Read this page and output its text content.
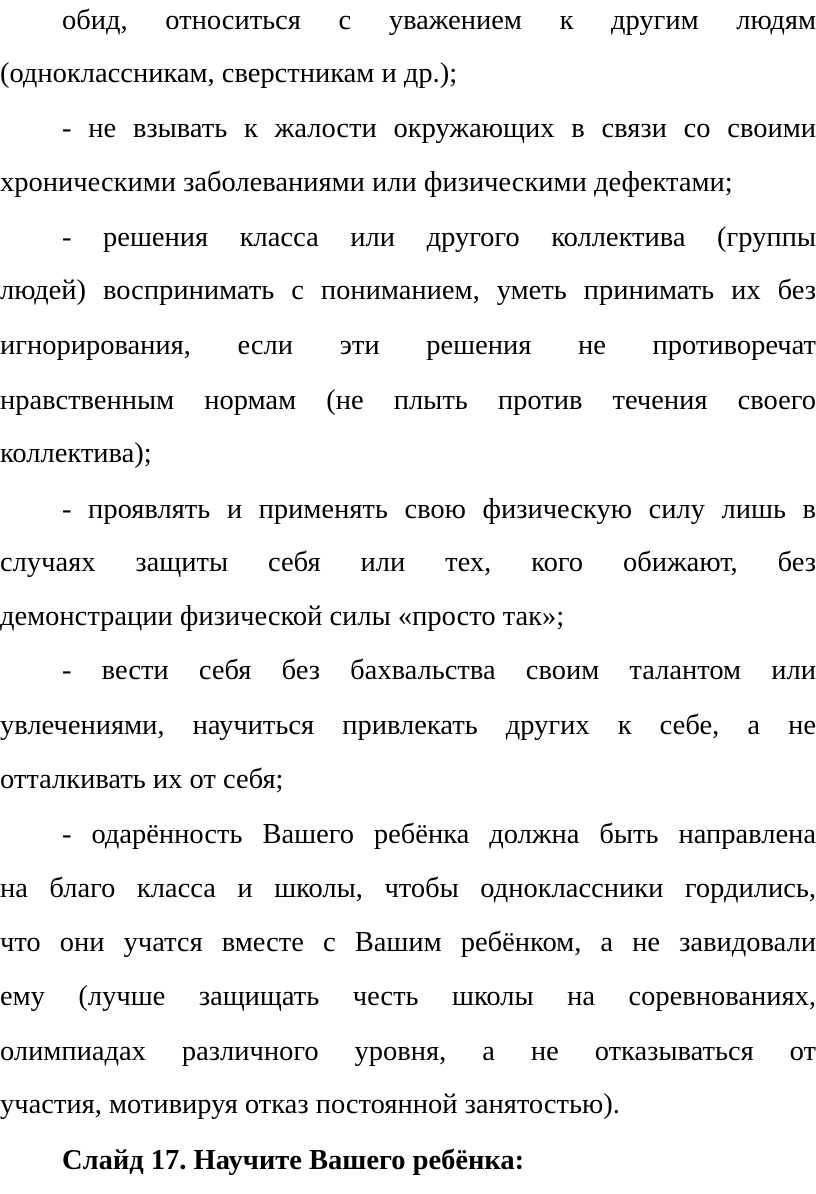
обид, относиться с уважением к другим людям
(одноклассникам, сверстникам и др.);
- не взывать к жалости окружающих в связи со своими
хроническими заболеваниями или физическими дефектами;
- решения класса или другого коллектива (группы
людей) воспринимать с пониманием, уметь принимать их без
игнорирования, если эти решения не противоречат
нравственным нормам (не плыть против течения своего
коллектива);
- проявлять и применять свою физическую силу лишь в
случаях защиты себя или тех, кого обижают, без
демонстрации физической силы «просто так»;
- вести себя без бахвальства своим талантом или
увлечениями, научиться привлекать других к себе, а не
отталкивать их от себя;
- одарённость Вашего ребёнка должна быть направлена
на благо класса и школы, чтобы одноклассники гордились,
что они учатся вместе с Вашим ребёнком, а не завидовали
ему (лучше защищать честь школы на соревнованиях,
олимпиадах различного уровня, а не отказываться от
участия, мотивируя отказ постоянной занятостью).
Слайд 17. Научите Вашего ребёнка:
